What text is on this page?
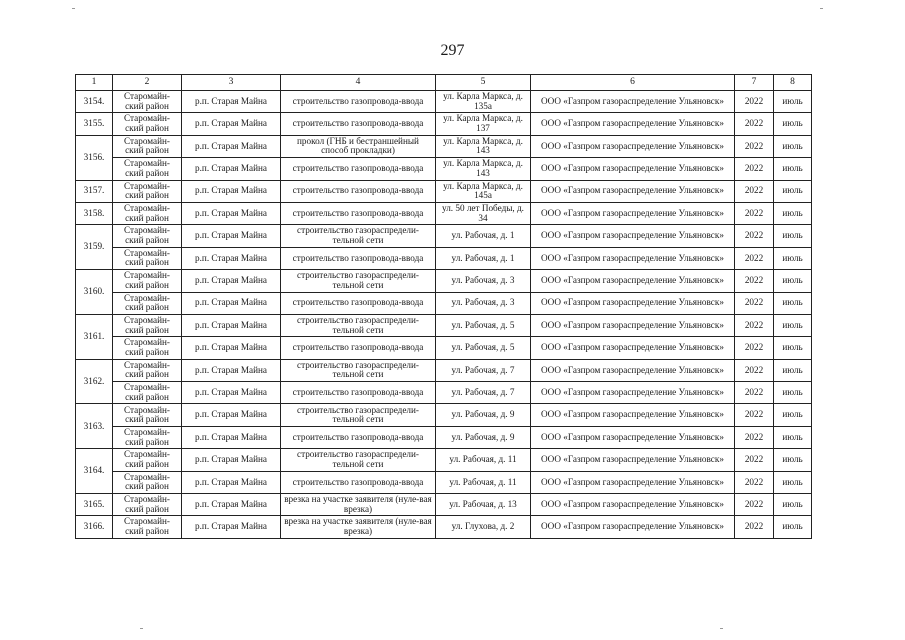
297
1	2	3	4	5	6	7	8
3154.	Старомайн-ский район	р.п. Старая Майна	строительство газопровода-ввода	ул. Карла Маркса, д. 135а	ООО «Газпром газораспределение Ульяновск»	2022	июль
3155.	Старомайн-ский район	р.п. Старая Майна	строительство газопровода-ввода	ул. Карла Маркса, д. 137	ООО «Газпром газораспределение Ульяновск»	2022	июль
3156.	Старомайн-ский район	р.п. Старая Майна	прокол (ГНБ и бестраншейный способ прокладки)	ул. Карла Маркса, д. 143	ООО «Газпром газораспределение Ульяновск»	2022	июль
	Старомайн-ский район	р.п. Старая Майна	строительство газопровода-ввода	ул. Карла Маркса, д. 143	ООО «Газпром газораспределение Ульяновск»	2022	июль
3157.	Старомайн-ский район	р.п. Старая Майна	строительство газопровода-ввода	ул. Карла Маркса, д. 145а	ООО «Газпром газораспределение Ульяновск»	2022	июль
3158.	Старомайн-ский район	р.п. Старая Майна	строительство газопровода-ввода	ул. 50 лет Победы, д. 34	ООО «Газпром газораспределение Ульяновск»	2022	июль
3159.	Старомайн-ский район	р.п. Старая Майна	строительство газораспредели-тельной сети	ул. Рабочая, д. 1	ООО «Газпром газораспределение Ульяновск»	2022	июль
	Старомайн-ский район	р.п. Старая Майна	строительство газопровода-ввода	ул. Рабочая, д. 1	ООО «Газпром газораспределение Ульяновск»	2022	июль
3160.	Старомайн-ский район	р.п. Старая Майна	строительство газораспредели-тельной сети	ул. Рабочая, д. 3	ООО «Газпром газораспределение Ульяновск»	2022	июль
	Старомайн-ский район	р.п. Старая Майна	строительство газопровода-ввода	ул. Рабочая, д. 3	ООО «Газпром газораспределение Ульяновск»	2022	июль
3161.	Старомайн-ский район	р.п. Старая Майна	строительство газораспредели-тельной сети	ул. Рабочая, д. 5	ООО «Газпром газораспределение Ульяновск»	2022	июль
	Старомайн-ский район	р.п. Старая Майна	строительство газопровода-ввода	ул. Рабочая, д. 5	ООО «Газпром газораспределение Ульяновск»	2022	июль
3162.	Старомайн-ский район	р.п. Старая Майна	строительство газораспредели-тельной сети	ул. Рабочая, д. 7	ООО «Газпром газораспределение Ульяновск»	2022	июль
	Старомайн-ский район	р.п. Старая Майна	строительство газопровода-ввода	ул. Рабочая, д. 7	ООО «Газпром газораспределение Ульяновск»	2022	июль
3163.	Старомайн-ский район	р.п. Старая Майна	строительство газораспредели-тельной сети	ул. Рабочая, д. 9	ООО «Газпром газораспределение Ульяновск»	2022	июль
	Старомайн-ский район	р.п. Старая Майна	строительство газопровода-ввода	ул. Рабочая, д. 9	ООО «Газпром газораспределение Ульяновск»	2022	июль
3164.	Старомайн-ский район	р.п. Старая Майна	строительство газораспредели-тельной сети	ул. Рабочая, д. 11	ООО «Газпром газораспределение Ульяновск»	2022	июль
	Старомайн-ский район	р.п. Старая Майна	строительство газопровода-ввода	ул. Рабочая, д. 11	ООО «Газпром газораспределение Ульяновск»	2022	июль
3165.	Старомайн-ский район	р.п. Старая Майна	врезка на участке заявителя (нуле-вая врезка)	ул. Рабочая, д. 13	ООО «Газпром газораспределение Ульяновск»	2022	июль
3166.	Старомайн-ский район	р.п. Старая Майна	врезка на участке заявителя (нуле-вая врезка)	ул. Глухова, д. 2	ООО «Газпром газораспределение Ульяновск»	2022	июль
